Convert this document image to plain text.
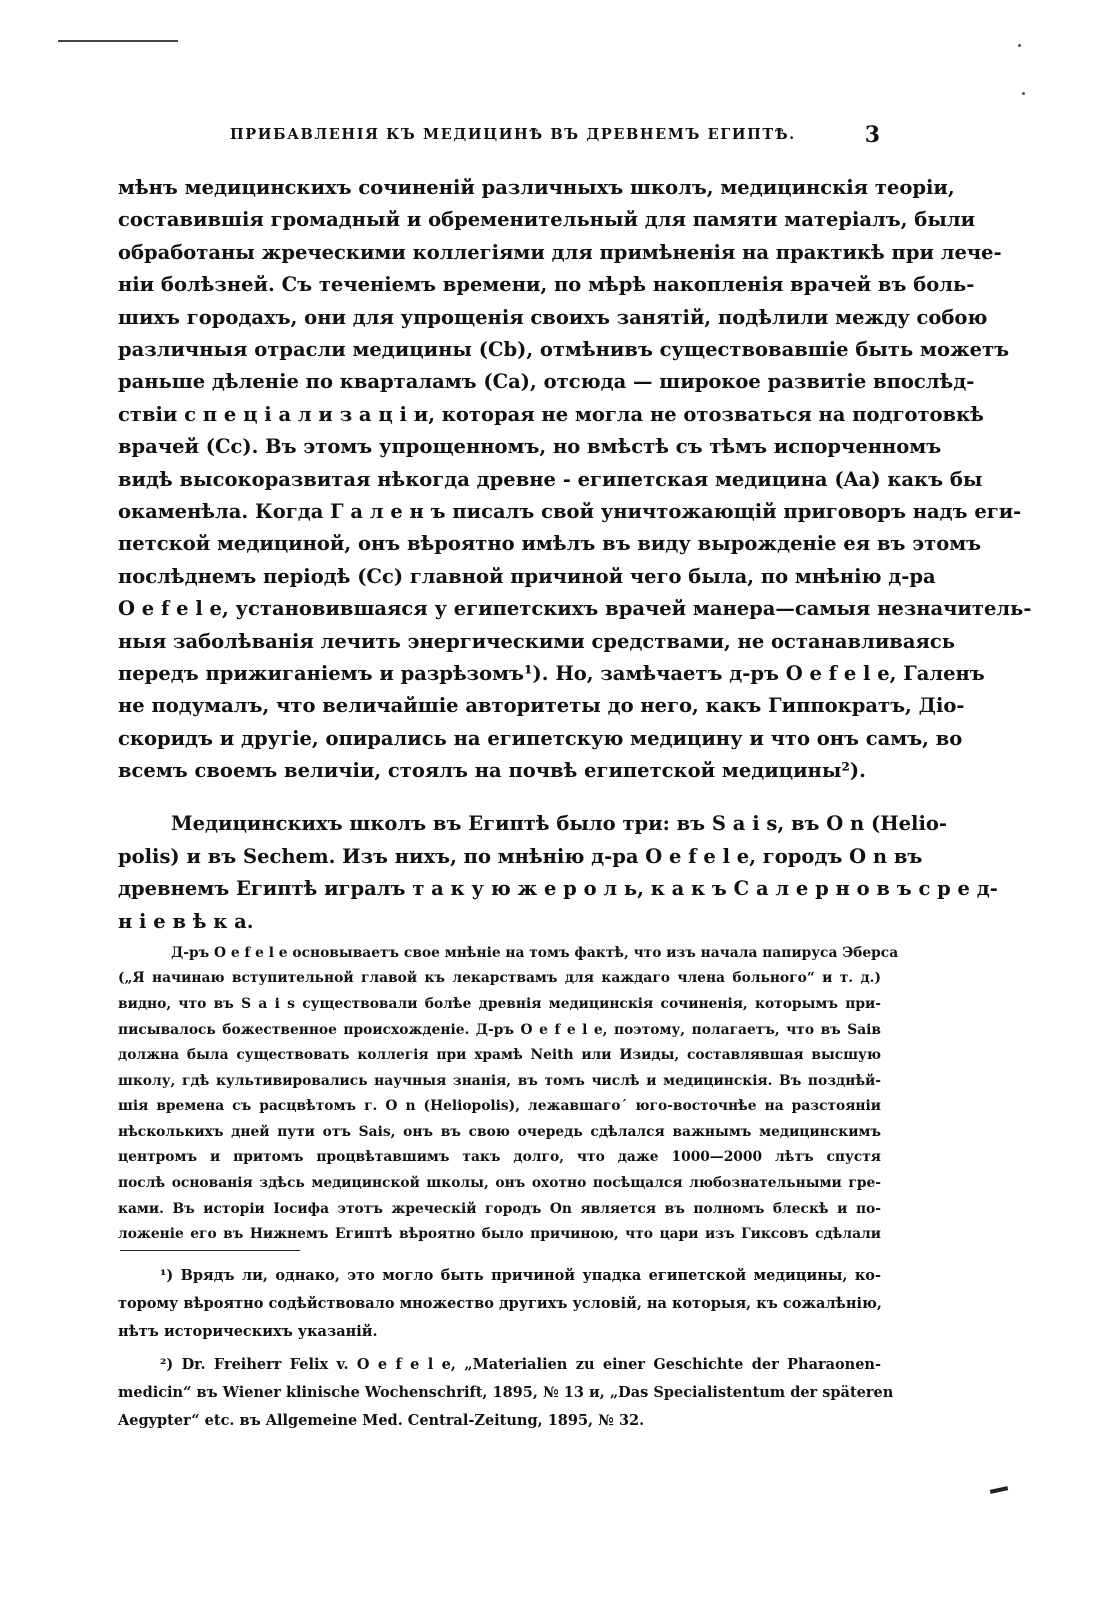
ПРИБАВЛЕНІЯ КЪ МЕДИЦИНѢ ВЪ ДРЕВНЕМЪ ЕГИПТѢ.	3
мѣнъ медицинскихъ сочиненій различныхъ школъ, медицинскія теоріи,
составившія громадный и обременительный для памяти матеріалъ, были
обработаны жреческими коллегіями для примѣненія на практикѣ при лече-
ніи болѣзней. Съ теченіемъ времени, по мѣрѣ накопленія врачей въ боль-
шихъ городахъ, они для упрощенія своихъ занятій, подѣлили между собою
различныя отрасли медицины (Cb), отмѣнивъ существовавшіе быть можетъ
раньше дѣленіе по кварталамъ (Ca), отсюда — широкое развитіе впослѣд-
ствіи с п е ц і а л и з а ц і и, которая не могла не отозваться на подготовкѣ
врачей (Cc). Въ этомъ упрощенномъ, но вмѣстѣ съ тѣмъ испорченномъ
видѣ высокоразвитая нѣкогда древне - египетская медицина (Aa) какъ бы
окаменѣла. Когда Г а л е н ъ писалъ свой уничтожающій приговоръ надъ еги-
петской медициной, онъ вѣроятно имѣлъ въ виду вырожденіе ея въ этомъ
послѣднемъ періодѣ (Cc) главной причиной чего была, по мнѣнію д-ра
O e f e l e, установившаяся у египетскихъ врачей манера—самыя незначитель-
ныя заболѣванія лечить энергическими средствами, не останавливаясь
передъ прижиганіемъ и разрѣзомъ¹). Но, замѣчаетъ д-ръ O e f e l e, Галенъ
не подумалъ, что величайшіе авторитеты до него, какъ Гиппократъ, Діо-
скоридъ и другіе, опирались на египетскую медицину и что онъ самъ, во
всемъ своемъ величіи, стоялъ на почвѣ египетской медицины²).
Медицинскихъ школъ въ Египтѣ было три: въ S a i s, въ O n (Helio-
polis) и въ Sechem. Изъ нихъ, по мнѣнію д-ра O e f e l e, городъ O n въ
древнемъ Египтѣ игралъ т а к у ю ж е р о л ь, к а к ъ С а л е р н о в ъ с р е д-
н і е в ѣ к а.
Д-ръ O e f e l e основываетъ свое мнѣніе на томъ фактѣ, что изъ начала папируса Эберса
(„Я начинаю вступительной главой къ лекарствамъ для каждаго члена больного“ и т. д.)
видно, что въ S a i s существовали болѣе древнія медицинскія сочиненія, которымъ при-
писывалось божественное происхожденіе. Д-ръ O e f e l e, поэтому, полагаетъ, что въ Saiв
должна была существовать коллегія при храмѣ Neith или Изиды, составлявшая высшую
школу, гдѣ культивировались научныя знанія, въ томъ числѣ и медицинскія. Въ позднѣй-
шія времена съ расцвѣтомъ г. O n (Heliopolis), лежавшаго´ юго-восточнѣе на разстояніи
нѣсколькихъ дней пути отъ Sais, онъ въ свою очередь сдѣлался важнымъ медицинскимъ
центромъ и притомъ процвѣтавшимъ такъ долго, что даже 1000—2000 лѣтъ спустя
послѣ основанія здѣсь медицинской школы, онъ охотно посѣщался любознательными гре-
ками. Въ исторіи Іосифа этотъ жреческій городъ On является въ полномъ блескѣ и по-
ложеніе его въ Нижнемъ Египтѣ вѣроятно было причиною, что цари изъ Гиксовъ сдѣлали
¹) Врядъ ли, однако, это могло быть причиной упадка египетской медицины, ко-
торому вѣроятно содѣйствовало множество другихъ условій, на которыя, къ сожалѣнію,
нѣтъ историческихъ указаній.
²) Dr. Freiherr Felix v. O e f e l e, „Materialien zu einer Geschichte der Pharaonen-
medicin“ въ Wiener klinische Wochenschrift, 1895, № 13 и, „Das Specialistentum der späteren
Aegypter“ etc. въ Allgemeine Med. Central-Zeitung, 1895, № 32.
